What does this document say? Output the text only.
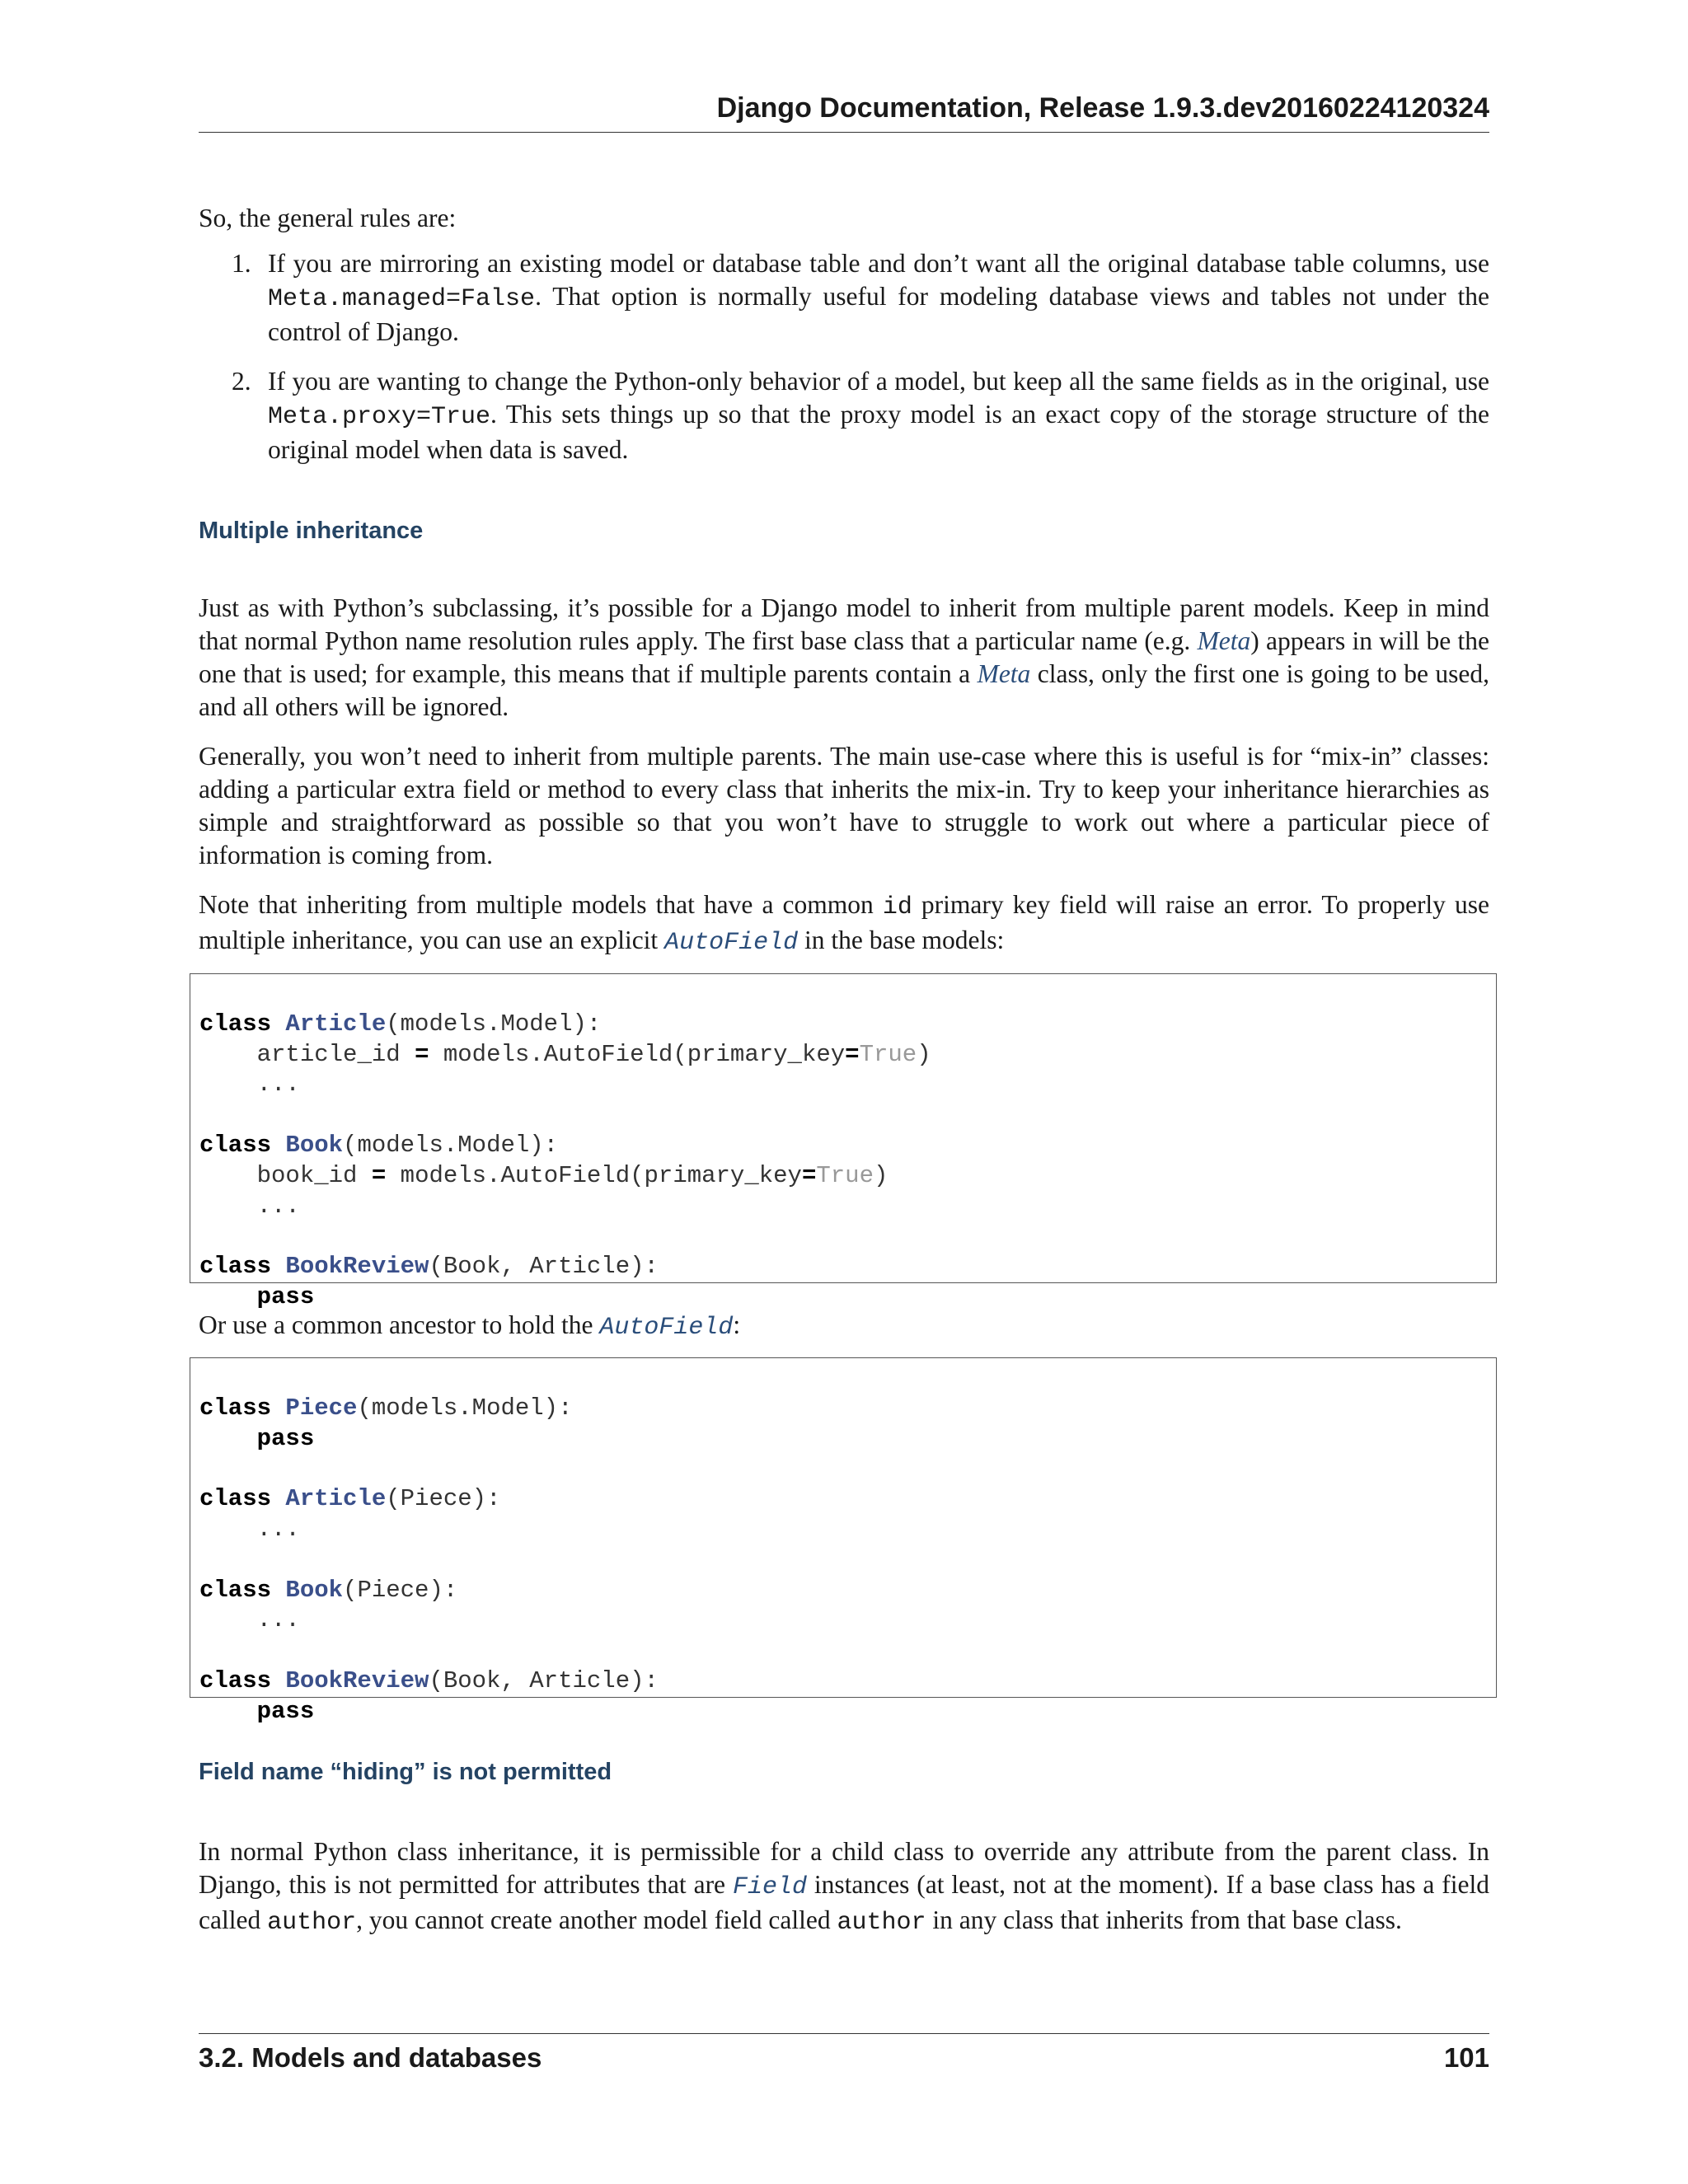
Django Documentation, Release 1.9.3.dev20160224120324

So, the general rules are:

1. If you are mirroring an existing model or database table and don’t want all the original database table columns, use Meta.managed=False. That option is normally useful for modeling database views and tables not under the control of Django.
2. If you are wanting to change the Python-only behavior of a model, but keep all the same fields as in the original, use Meta.proxy=True. This sets things up so that the proxy model is an exact copy of the storage structure of the original model when data is saved.
Multiple inheritance

Just as with Python’s subclassing, it’s possible for a Django model to inherit from multiple parent models. Keep in mind that normal Python name resolution rules apply. The first base class that a particular name (e.g. Meta) appears in will be the one that is used; for example, this means that if multiple parents contain a Meta class, only the first one is going to be used, and all others will be ignored.

Generally, you won’t need to inherit from multiple parents. The main use-case where this is useful is for “mix-in” classes: adding a particular extra field or method to every class that inherits the mix-in. Try to keep your inheritance hierarchies as simple and straightforward as possible so that you won’t have to struggle to work out where a particular piece of information is coming from.

Note that inheriting from multiple models that have a common id primary key field will raise an error. To properly use multiple inheritance, you can use an explicit AutoField in the base models:

class Article(models.Model):
article_id = models.AutoField(primary_key=True)
...
class Book(models.Model):
book_id = models.AutoField(primary_key=True)
...
class BookReview(Book, Article):
pass

Or use a common ancestor to hold the AutoField:

class Piece(models.Model):
pass
class Article(Piece):
...
class Book(Piece):
...
class BookReview(Book, Article):
pass
Field name “hiding” is not permitted

In normal Python class inheritance, it is permissible for a child class to override any attribute from the parent class. In Django, this is not permitted for attributes that are Field instances (at least, not at the moment). If a base class has a field called author, you cannot create another model field called author in any class that inherits from that base class.

3.2. Models and databases	101
